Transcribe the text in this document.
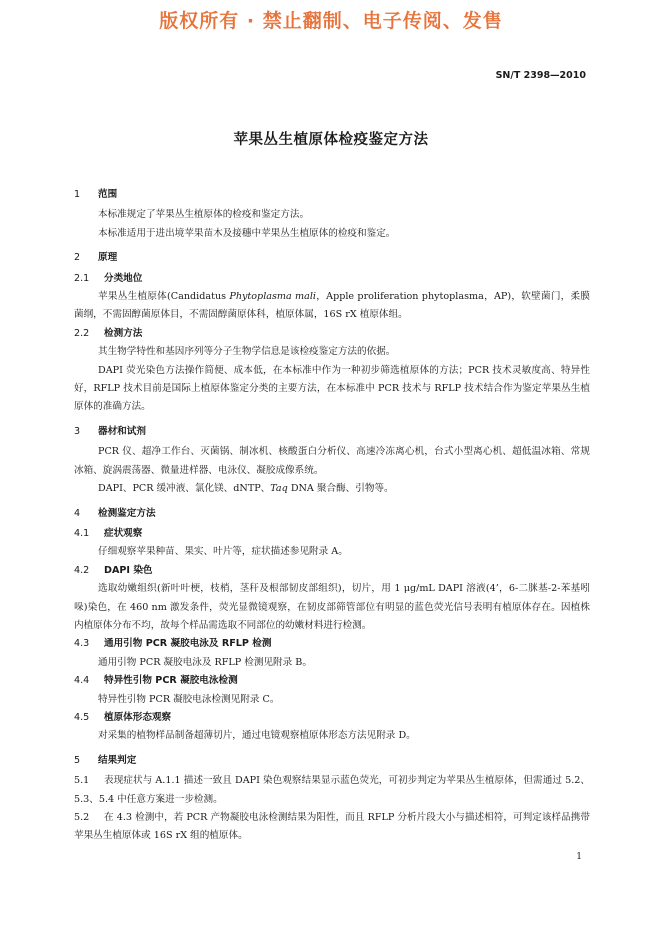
版权所有 · 禁止翻制、电子传阅、发售
SN/T 2398—2010
苹果丛生植原体检疫鉴定方法

1 范围

本标准规定了苹果丛生植原体的检疫和鉴定方法。

本标准适用于进出境苹果苗木及接穗中苹果丛生植原体的检疫和鉴定。

2 原理

2.1 分类地位

苹果丛生植原体(Candidatus Phytoplasma mali，Apple proliferation phytoplasma，AP)，软壁菌门，柔膜菌纲，不需固醇菌原体目，不需固醇菌原体科，植原体属，16S rX 植原体组。

2.2 检测方法

其生物学特性和基因序列等分子生物学信息是该检疫鉴定方法的依据。

DAPI 荧光染色方法操作简便、成本低，在本标准中作为一种初步筛选植原体的方法；PCR 技术灵敏度高、特异性好，RFLP 技术目前是国际上植原体鉴定分类的主要方法，在本标准中 PCR 技术与 RFLP 技术结合作为鉴定苹果丛生植原体的准确方法。

3 器材和试剂

PCR 仪、超净工作台、灭菌锅、制冰机、核酸蛋白分析仪、高速冷冻离心机，台式小型离心机、超低温冰箱、常规冰箱、旋涡震荡器、微量进样器、电泳仪、凝胶成像系统。

DAPI、PCR 缓冲液、氯化镁、dNTP、Taq DNA 聚合酶、引物等。

4 检测鉴定方法

4.1 症状观察

仔细观察苹果种苗、果实、叶片等，症状描述参见附录 A。

4.2 DAPI 染色

选取幼嫩组织(新叶叶梗，枝梢，茎秆及根部韧皮部组织)，切片，用 1 μg/mL DAPI 溶液(4’，6-二脒基-2-苯基吲哚)染色，在 460 nm 激发条件，荧光显微镜观察，在韧皮部筛管部位有明显的蓝色荧光信号表明有植原体存在。因植株内植原体分布不均，故每个样品需选取不同部位的幼嫩材料进行检测。

4.3 通用引物 PCR 凝胶电泳及 RFLP 检测

通用引物 PCR 凝胶电泳及 RFLP 检测见附录 B。

4.4 特异性引物 PCR 凝胶电泳检测

特异性引物 PCR 凝胶电泳检测见附录 C。

4.5 植原体形态观察

对采集的植物样品制备超薄切片，通过电镜观察植原体形态方法见附录 D。

5 结果判定

5.1 表现症状与 A.1.1 描述一致且 DAPI 染色观察结果显示蓝色荧光，可初步判定为苹果丛生植原体，但需通过 5.2、5.3、5.4 中任意方案进一步检测。

5.2 在 4.3 检测中，若 PCR 产物凝胶电泳检测结果为阳性，而且 RFLP 分析片段大小与描述相符，可判定该样品携带苹果丛生植原体或 16S rX 组的植原体。

1
